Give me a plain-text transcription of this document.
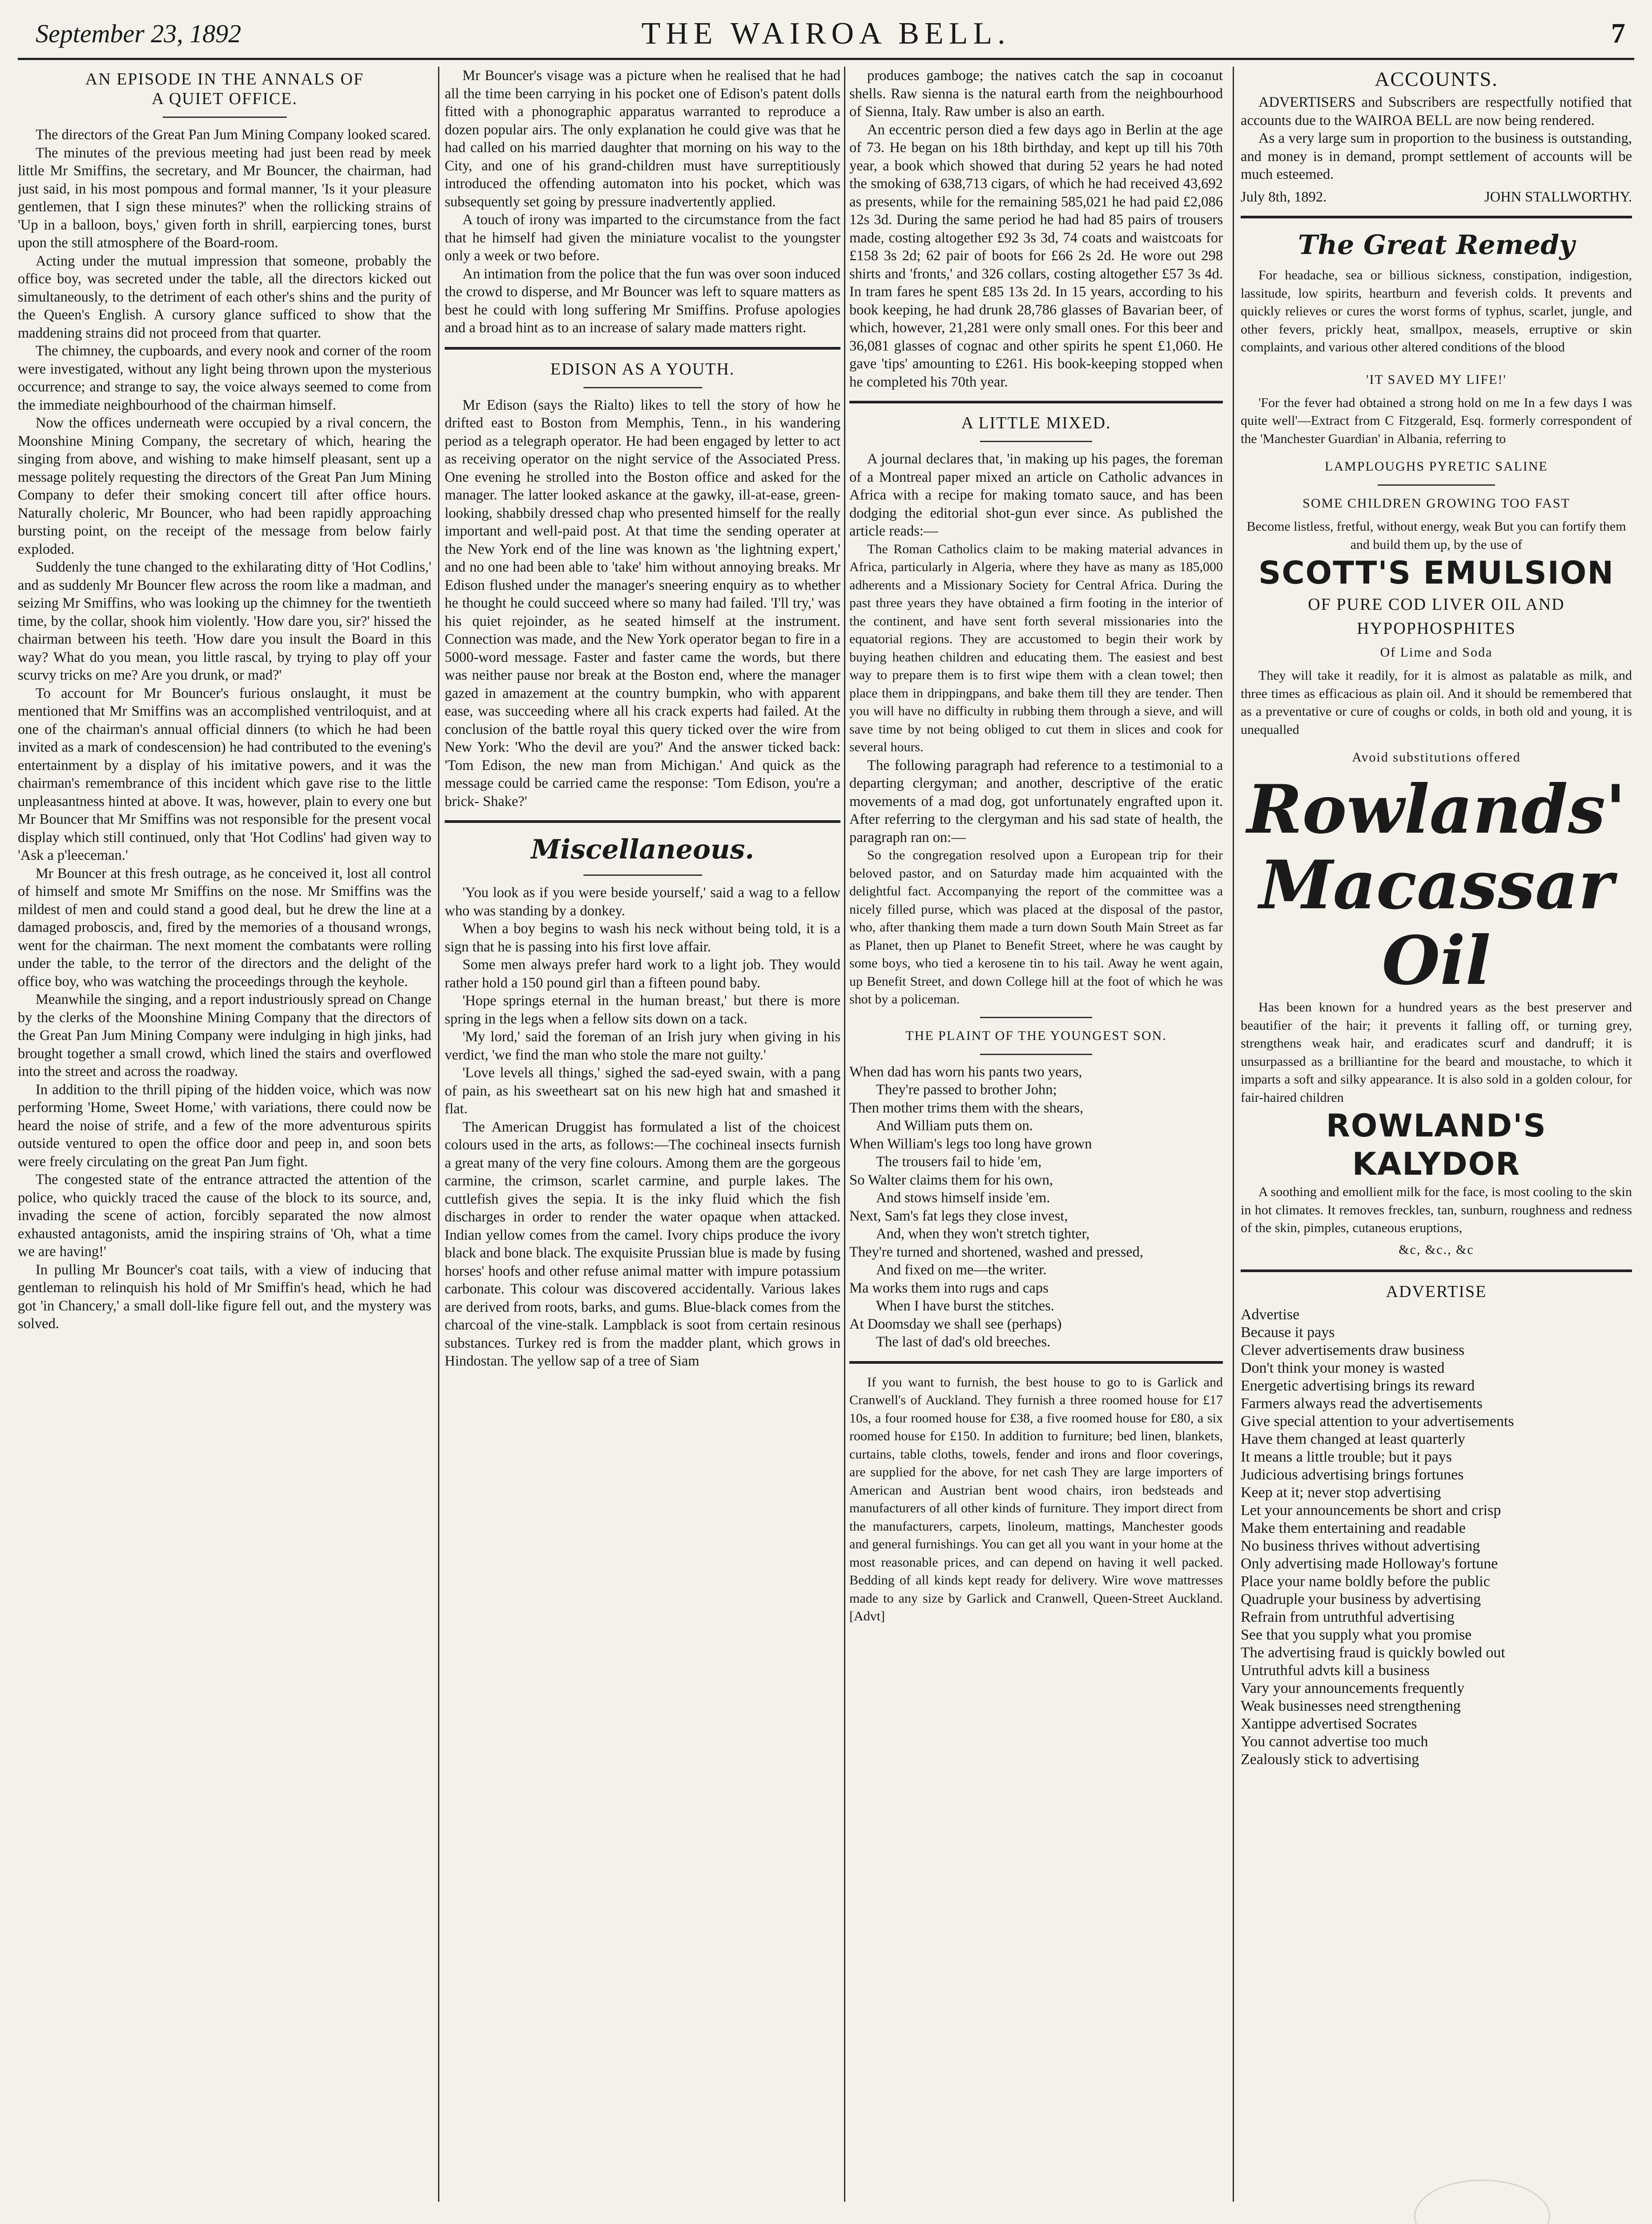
September 23, 1892	THE WAIROA BELL.	7
AN EPISODE IN THE ANNALS OF
A QUIET OFFICE.

The directors of the Great Pan Jum Mining Company looked scared.

The minutes of the previous meeting had just been read by meek little Mr Smiffins, the secretary, and Mr Bouncer, the chairman, had just said, in his most pompous and formal manner, 'Is it your pleasure gentlemen, that I sign these minutes?' when the rollicking strains of 'Up in a balloon, boys,' given forth in shrill, earpiercing tones, burst upon the still atmosphere of the Board-room.

Acting under the mutual impression that someone, probably the office boy, was secreted under the table, all the directors kicked out simultaneously, to the detriment of each other's shins and the purity of the Queen's English. A cursory glance sufficed to show that the maddening strains did not proceed from that quarter.

The chimney, the cupboards, and every nook and corner of the room were investigated, without any light being thrown upon the mysterious occurrence; and strange to say, the voice always seemed to come from the immediate neighbourhood of the chairman himself.

Now the offices underneath were occupied by a rival concern, the Moonshine Mining Company, the secretary of which, hearing the singing from above, and wishing to make himself pleasant, sent up a message politely requesting the directors of the Great Pan Jum Mining Company to defer their smoking concert till after office hours. Naturally choleric, Mr Bouncer, who had been rapidly approaching bursting point, on the receipt of the message from below fairly exploded.

Suddenly the tune changed to the exhilarating ditty of 'Hot Codlins,' and as suddenly Mr Bouncer flew across the room like a madman, and seizing Mr Smiffins, who was looking up the chimney for the twentieth time, by the collar, shook him violently. 'How dare you, sir?' hissed the chairman between his teeth. 'How dare you insult the Board in this way? What do you mean, you little rascal, by trying to play off your scurvy tricks on me? Are you drunk, or mad?'

To account for Mr Bouncer's furious onslaught, it must be mentioned that Mr Smiffins was an accomplished ventriloquist, and at one of the chairman's annual official dinners (to which he had been invited as a mark of condescension) he had contributed to the evening's entertainment by a display of his imitative powers, and it was the chairman's remembrance of this incident which gave rise to the little unpleasantness hinted at above. It was, however, plain to every one but Mr Bouncer that Mr Smiffins was not responsible for the present vocal display which still continued, only that 'Hot Codlins' had given way to 'Ask a p'leeceman.'

Mr Bouncer at this fresh outrage, as he conceived it, lost all control of himself and smote Mr Smiffins on the nose. Mr Smiffins was the mildest of men and could stand a good deal, but he drew the line at a damaged proboscis, and, fired by the memories of a thousand wrongs, went for the chairman. The next moment the combatants were rolling under the table, to the terror of the directors and the delight of the office boy, who was watching the proceedings through the keyhole.

Meanwhile the singing, and a report industriously spread on Change by the clerks of the Moonshine Mining Company that the directors of the Great Pan Jum Mining Company were indulging in high jinks, had brought together a small crowd, which lined the stairs and overflowed into the street and across the roadway.

In addition to the thrill piping of the hidden voice, which was now performing 'Home, Sweet Home,' with variations, there could now be heard the noise of strife, and a few of the more adventurous spirits outside ventured to open the office door and peep in, and soon bets were freely circulating on the great Pan Jum fight.

The congested state of the entrance attracted the attention of the police, who quickly traced the cause of the block to its source, and, invading the scene of action, forcibly separated the now almost exhausted antagonists, amid the inspiring strains of 'Oh, what a time we are having!'

In pulling Mr Bouncer's coat tails, with a view of inducing that gentleman to relinquish his hold of Mr Smiffin's head, which he had got 'in Chancery,' a small doll-like figure fell out, and the mystery was solved.

Mr Bouncer's visage was a picture when he realised that he had all the time been carrying in his pocket one of Edison's patent dolls fitted with a phonographic apparatus warranted to reproduce a dozen popular airs. The only explanation he could give was that he had called on his married daughter that morning on his way to the City, and one of his grand-children must have surreptitiously introduced the offending automaton into his pocket, which was subsequently set going by pressure inadvertently applied.

A touch of irony was imparted to the circumstance from the fact that he himself had given the miniature vocalist to the youngster only a week or two before.

An intimation from the police that the fun was over soon induced the crowd to disperse, and Mr Bouncer was left to square matters as best he could with long suffering Mr Smiffins. Profuse apologies and a broad hint as to an increase of salary made matters right.

EDISON AS A YOUTH.

Mr Edison (says the Rialto) likes to tell the story of how he drifted east to Boston from Memphis, Tenn., in his wandering period as a telegraph operator. He had been engaged by letter to act as receiving operator on the night service of the Associated Press. One evening he strolled into the Boston office and asked for the manager. The latter looked askance at the gawky, ill-at-ease, green-looking, shabbily dressed chap who presented himself for the really important and well-paid post. At that time the sending operater at the New York end of the line was known as 'the lightning expert,' and no one had been able to 'take' him without annoying breaks. Mr Edison flushed under the manager's sneering enquiry as to whether he thought he could succeed where so many had failed. 'I'll try,' was his quiet rejoinder, as he seated himself at the instrument. Connection was made, and the New York operator began to fire in a 5000-word message. Faster and faster came the words, but there was neither pause nor break at the Boston end, where the manager gazed in amazement at the country bumpkin, who with apparent ease, was succeeding where all his crack experts had failed. At the conclusion of the battle royal this query ticked over the wire from New York: 'Who the devil are you?' And the answer ticked back: 'Tom Edison, the new man from Michigan.' And quick as the message could be carried came the response: 'Tom Edison, you're a brick- Shake?'

Miscellaneous.

'You look as if you were beside yourself,' said a wag to a fellow who was standing by a donkey.

When a boy begins to wash his neck without being told, it is a sign that he is passing into his first love affair.

Some men always prefer hard work to a light job. They would rather hold a 150 pound girl than a fifteen pound baby.

'Hope springs eternal in the human breast,' but there is more spring in the legs when a fellow sits down on a tack.

'My lord,' said the foreman of an Irish jury when giving in his verdict, 'we find the man who stole the mare not guilty.'

'Love levels all things,' sighed the sad-eyed swain, with a pang of pain, as his sweetheart sat on his new high hat and smashed it flat.

The American Druggist has formulated a list of the choicest colours used in the arts, as follows:—The cochineal insects furnish a great many of the very fine colours. Among them are the gorgeous carmine, the crimson, scarlet carmine, and purple lakes. The cuttlefish gives the sepia. It is the inky fluid which the fish discharges in order to render the water opaque when attacked. Indian yellow comes from the camel. Ivory chips produce the ivory black and bone black. The exquisite Prussian blue is made by fusing horses' hoofs and other refuse animal matter with impure potassium carbonate. This colour was discovered accidentally. Various lakes are derived from roots, barks, and gums. Blue-black comes from the charcoal of the vine-stalk. Lampblack is soot from certain resinous substances. Turkey red is from the madder plant, which grows in Hindostan. The yellow sap of a tree of Siam

produces gamboge; the natives catch the sap in cocoanut shells. Raw sienna is the natural earth from the neighbourhood of Sienna, Italy. Raw umber is also an earth.

An eccentric person died a few days ago in Berlin at the age of 73. He began on his 18th birthday, and kept up till his 70th year, a book which showed that during 52 years he had noted the smoking of 638,713 cigars, of which he had received 43,692 as presents, while for the remaining 585,021 he had paid £2,086 12s 3d. During the same period he had had 85 pairs of trousers made, costing altogether £92 3s 3d, 74 coats and waistcoats for £158 3s 2d; 62 pair of boots for £66 2s 2d. He wore out 298 shirts and 'fronts,' and 326 collars, costing altogether £57 3s 4d. In tram fares he spent £85 13s 2d. In 15 years, according to his book keeping, he had drunk 28,786 glasses of Bavarian beer, of which, however, 21,281 were only small ones. For this beer and 36,081 glasses of cognac and other spirits he spent £1,060. He gave 'tips' amounting to £261. His book-keeping stopped when he completed his 70th year.

A LITTLE MIXED.

A journal declares that, 'in making up his pages, the foreman of a Montreal paper mixed an article on Catholic advances in Africa with a recipe for making tomato sauce, and has been dodging the editorial shot-gun ever since. As published the article reads:—

The Roman Catholics claim to be making material advances in Africa, particularly in Algeria, where they have as many as 185,000 adherents and a Missionary Society for Central Africa. During the past three years they have obtained a firm footing in the interior of the continent, and have sent forth several missionaries into the equatorial regions. They are accustomed to begin their work by buying heathen children and educating them. The easiest and best way to prepare them is to first wipe them with a clean towel; then place them in drippingpans, and bake them till they are tender. Then you will have no difficulty in rubbing them through a sieve, and will save time by not being obliged to cut them in slices and cook for several hours.

The following paragraph had reference to a testimonial to a departing clergyman; and another, descriptive of the eratic movements of a mad dog, got unfortunately engrafted upon it. After referring to the clergyman and his sad state of health, the paragraph ran on:—

So the congregation resolved upon a European trip for their beloved pastor, and on Saturday made him acquainted with the delightful fact. Accompanying the report of the committee was a nicely filled purse, which was placed at the disposal of the pastor, who, after thanking them made a turn down South Main Street as far as Planet, then up Planet to Benefit Street, where he was caught by some boys, who tied a kerosene tin to his tail. Away he went again, up Benefit Street, and down College hill at the foot of which he was shot by a policeman.

THE PLAINT OF THE YOUNGEST SON.
When dad has worn his pants two years,
They're passed to brother John;
Then mother trims them with the shears,
And William puts them on.
When William's legs too long have grown
The trousers fail to hide 'em,
So Walter claims them for his own,
And stows himself inside 'em.
Next, Sam's fat legs they close invest,
And, when they won't stretch tighter,
They're turned and shortened, washed and pressed,
And fixed on me—the writer.
Ma works them into rugs and caps
When I have burst the stitches.
At Doomsday we shall see (perhaps)
The last of dad's old breeches.

If you want to furnish, the best house to go to is Garlick and Cranwell's of Auckland. They furnish a three roomed house for £17 10s, a four roomed house for £38, a five roomed house for £80, a six roomed house for £150. In addition to furniture; bed linen, blankets, curtains, table cloths, towels, fender and irons and floor coverings, are supplied for the above, for net cash They are large importers of American and Austrian bent wood chairs, iron bedsteads and manufacturers of all other kinds of furniture. They import direct from the manufacturers, carpets, linoleum, mattings, Manchester goods and general furnishings. You can get all you want in your home at the most reasonable prices, and can depend on having it well packed. Bedding of all kinds kept ready for delivery. Wire wove mattresses made to any size by Garlick and Cranwell, Queen-Street Auckland. [Advt]

ACCOUNTS.

ADVERTISERS and Subscribers are respectfully notified that accounts due to the WAIROA BELL are now being rendered.

As a very large sum in proportion to the business is outstanding, and money is in demand, prompt settlement of accounts will be much esteemed.

July 8th, 1892.	JOHN STALLWORTHY.
The Great Remedy

For headache, sea or billious sickness, constipation, indigestion, lassitude, low spirits, heartburn and feverish colds. It prevents and quickly relieves or cures the worst forms of typhus, scarlet, jungle, and other fevers, prickly heat, smallpox, measels, erruptive or skin complaints, and various other altered conditions of the blood

'IT SAVED MY LIFE!'

'For the fever had obtained a strong hold on me In a few days I was quite well'—Extract from C Fitzgerald, Esq. formerly correspondent of the 'Manchester Guardian' in Albania, referring to

LAMPLOUGHS PYRETIC SALINE
SOME CHILDREN GROWING TOO FAST

Become listless, fretful, without energy, weak But you can fortify them and build them up, by the use of

SCOTT'S EMULSION
OF PURE COD LIVER OIL AND
HYPOPHOSPHITES
Of Lime and Soda

They will take it readily, for it is almost as palatable as milk, and three times as efficacious as plain oil. And it should be remembered that as a preventative or cure of coughs or colds, in both old and young, it is unequalled

Avoid substitutions offered
Rowlands'
Macassar Oil

Has been known for a hundred years as the best preserver and beautifier of the hair; it prevents it falling off, or turning grey, strengthens weak hair, and eradicates scurf and dandruff; it is unsurpassed as a brilliantine for the beard and moustache, to which it imparts a soft and silky appearance. It is also sold in a golden colour, for fair-haired children

ROWLAND'S KALYDOR

A soothing and emollient milk for the face, is most cooling to the skin in hot climates. It removes freckles, tan, sunburn, roughness and redness of the skin, pimples, cutaneous eruptions,

&c, &c., &c
ADVERTISE
Advertise
Because it pays
Clever advertisements draw business
Don't think your money is wasted
Energetic advertising brings its reward
Farmers always read the advertisements
Give special attention to your advertisements
Have them changed at least quarterly
It means a little trouble; but it pays
Judicious advertising brings fortunes
Keep at it; never stop advertising
Let your announcements be short and crisp
Make them entertaining and readable
No business thrives without advertising
Only advertising made Holloway's fortune
Place your name boldly before the public
Quadruple your business by advertising
Refrain from untruthful advertising
See that you supply what you promise
The advertising fraud is quickly bowled out
Untruthful advts kill a business
Vary your announcements frequently
Weak businesses need strengthening
Xantippe advertised Socrates
You cannot advertise too much
Zealously stick to advertising
